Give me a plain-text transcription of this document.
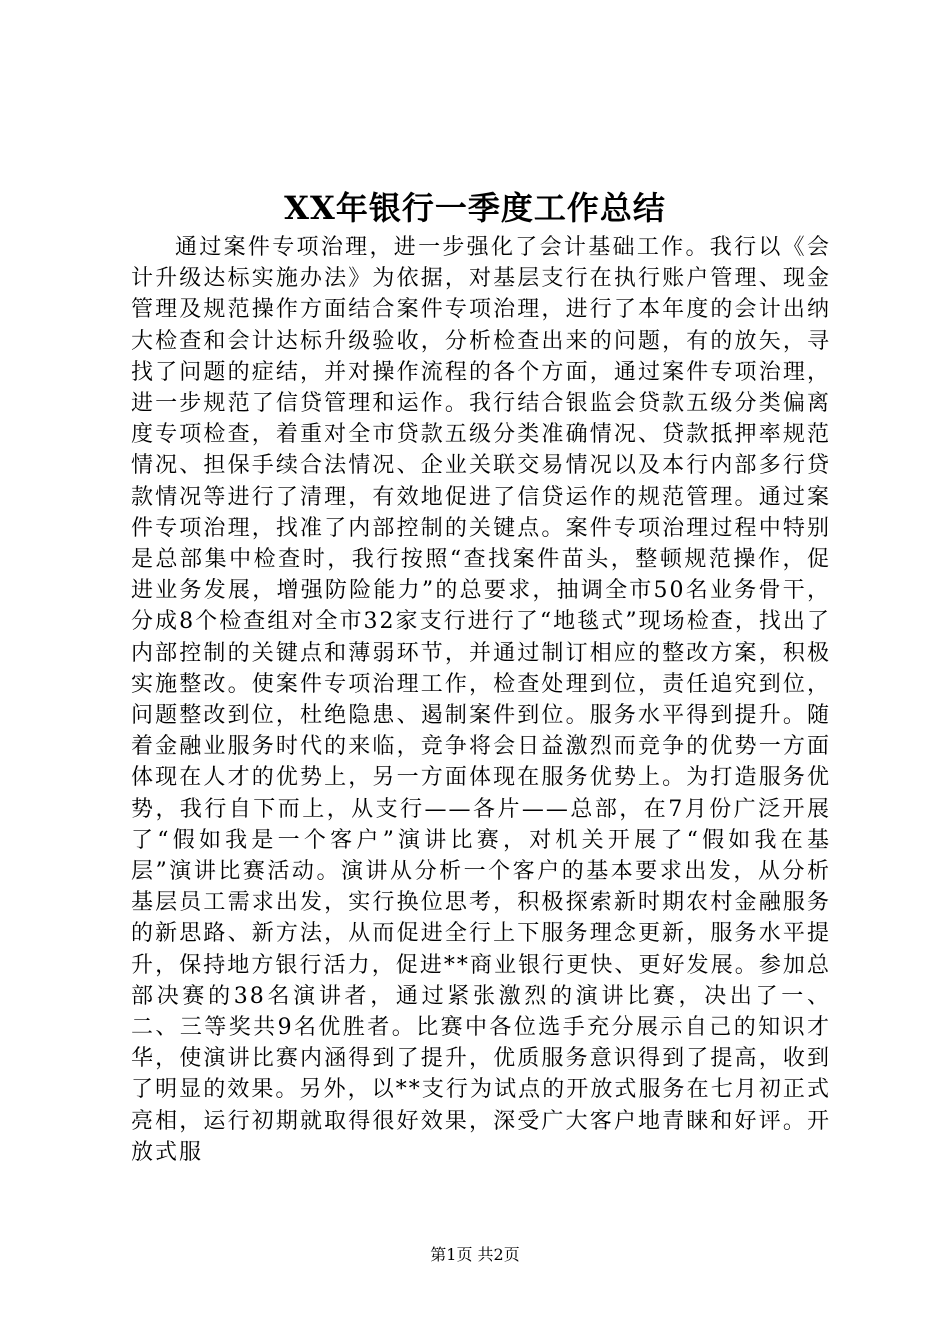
XX年银行一季度工作总结

通过案件专项治理，进一步强化了会计基础工作。我行以《会计升级达标实施办法》为依据，对基层支行在执行账户管理、现金管理及规范操作方面结合案件专项治理，进行了本年度的会计出纳大检查和会计达标升级验收，分析检查出来的问题，有的放矢，寻找了问题的症结，并对操作流程的各个方面，通过案件专项治理，进一步规范了信贷管理和运作。我行结合银监会贷款五级分类偏离度专项检查，着重对全市贷款五级分类准确情况、贷款抵押率规范情况、担保手续合法情况、企业关联交易情况以及本行内部多行贷款情况等进行了清理，有效地促进了信贷运作的规范管理。通过案件专项治理，找准了内部控制的关键点。案件专项治理过程中特别是总部集中检查时，我行按照“查找案件苗头，整顿规范操作，促进业务发展，增强防险能力”的总要求，抽调全市50名业务骨干，分成8个检查组对全市32家支行进行了“地毯式”现场检查，找出了内部控制的关键点和薄弱环节，并通过制订相应的整改方案，积极实施整改。使案件专项治理工作，检查处理到位，责任追究到位，问题整改到位，杜绝隐患、遏制案件到位。服务水平得到提升。随着金融业服务时代的来临，竞争将会日益激烈而竞争的优势一方面体现在人才的优势上，另一方面体现在服务优势上。为打造服务优势，我行自下而上，从支行——各片——总部，在7月份广泛开展了“假如我是一个客户”演讲比赛，对机关开展了“假如我在基层”演讲比赛活动。演讲从分析一个客户的基本要求出发，从分析基层员工需求出发，实行换位思考，积极探索新时期农村金融服务的新思路、新方法，从而促进全行上下服务理念更新，服务水平提升，保持地方银行活力，促进**商业银行更快、更好发展。参加总部决赛的38名演讲者，通过紧张激烈的演讲比赛，决出了一、二、三等奖共9名优胜者。比赛中各位选手充分展示自己的知识才华，使演讲比赛内涵得到了提升，优质服务意识得到了提高，收到了明显的效果。另外，以**支行为试点的开放式服务在七月初正式亮相，运行初期就取得很好效果，深受广大客户地青睐和好评。开放式服

第1页 共2页
